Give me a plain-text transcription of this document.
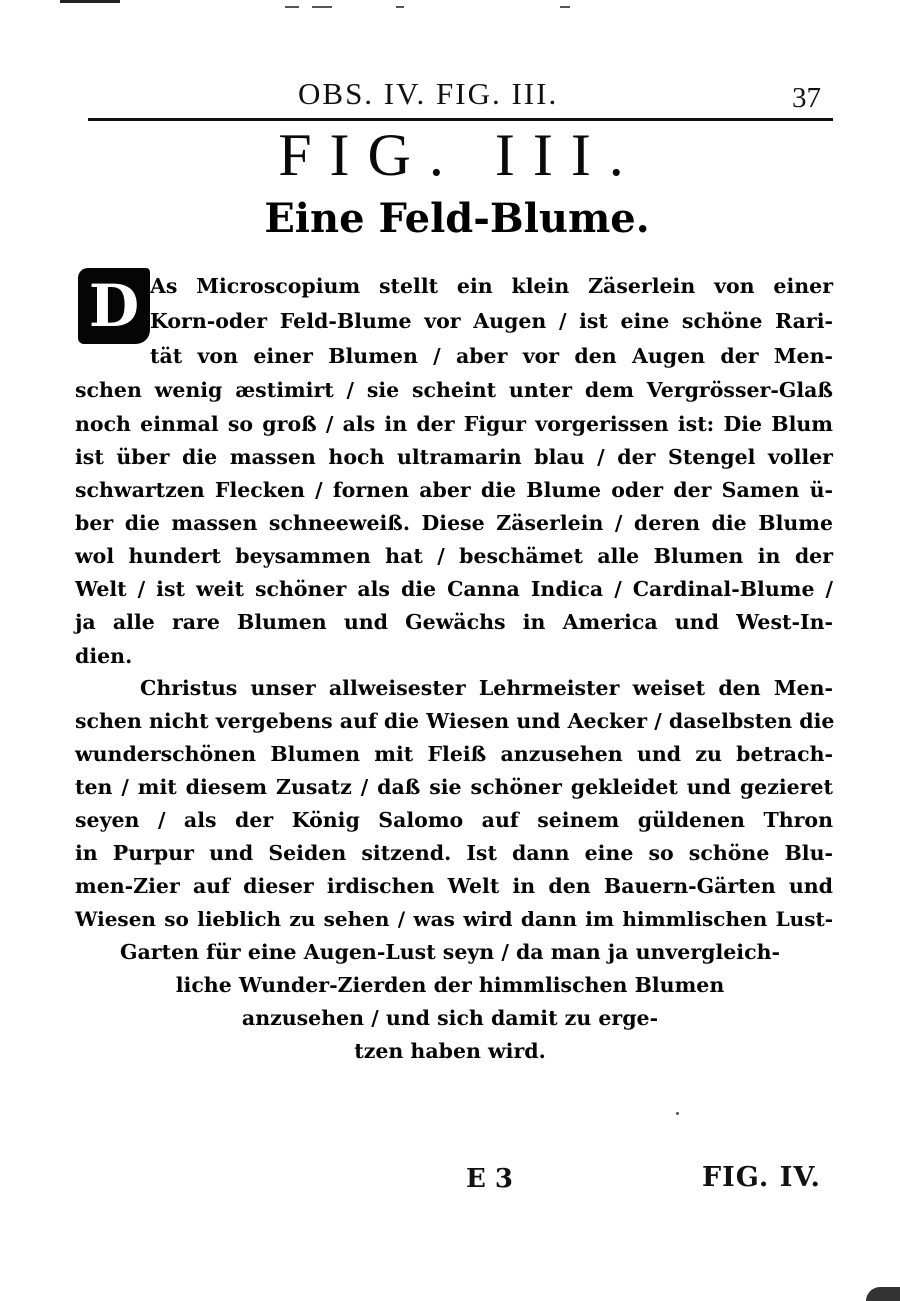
OBS. IV. FIG. III.	37
FIG. III.
Eine Feld-Blume.
D As Microscopium stellt ein klein Zäserlein von einer
Korn-oder Feld-Blume vor Augen / ist eine schöne Rari-
tät von einer Blumen / aber vor den Augen der Men-
schen wenig æstimirt / sie scheint unter dem Vergrösser-Glaß
noch einmal so groß / als in der Figur vorgerissen ist: Die Blum
ist über die massen hoch ultramarin blau / der Stengel voller
schwartzen Flecken / fornen aber die Blume oder der Samen ü-
ber die massen schneeweiß. Diese Zäserlein / deren die Blume
wol hundert beysammen hat / beschämet alle Blumen in der
Welt / ist weit schöner als die Canna Indica / Cardinal-Blume /
ja alle rare Blumen und Gewächs in America und West-In-
dien.
Christus unser allweisester Lehrmeister weiset den Men-
schen nicht vergebens auf die Wiesen und Aecker / daselbsten die
wunderschönen Blumen mit Fleiß anzusehen und zu betrach-
ten / mit diesem Zusatz / daß sie schöner gekleidet und gezieret
seyen / als der König Salomo auf seinem güldenen Thron
in Purpur und Seiden sitzend. Ist dann eine so schöne Blu-
men-Zier auf dieser irdischen Welt in den Bauern-Gärten und
Wiesen so lieblich zu sehen / was wird dann im himmlischen Lust-
Garten für eine Augen-Lust seyn / da man ja unvergleich-
liche Wunder-Zierden der himmlischen Blumen
anzusehen / und sich damit zu erge-
tzen haben wird.
E 3	FIG. IV.
